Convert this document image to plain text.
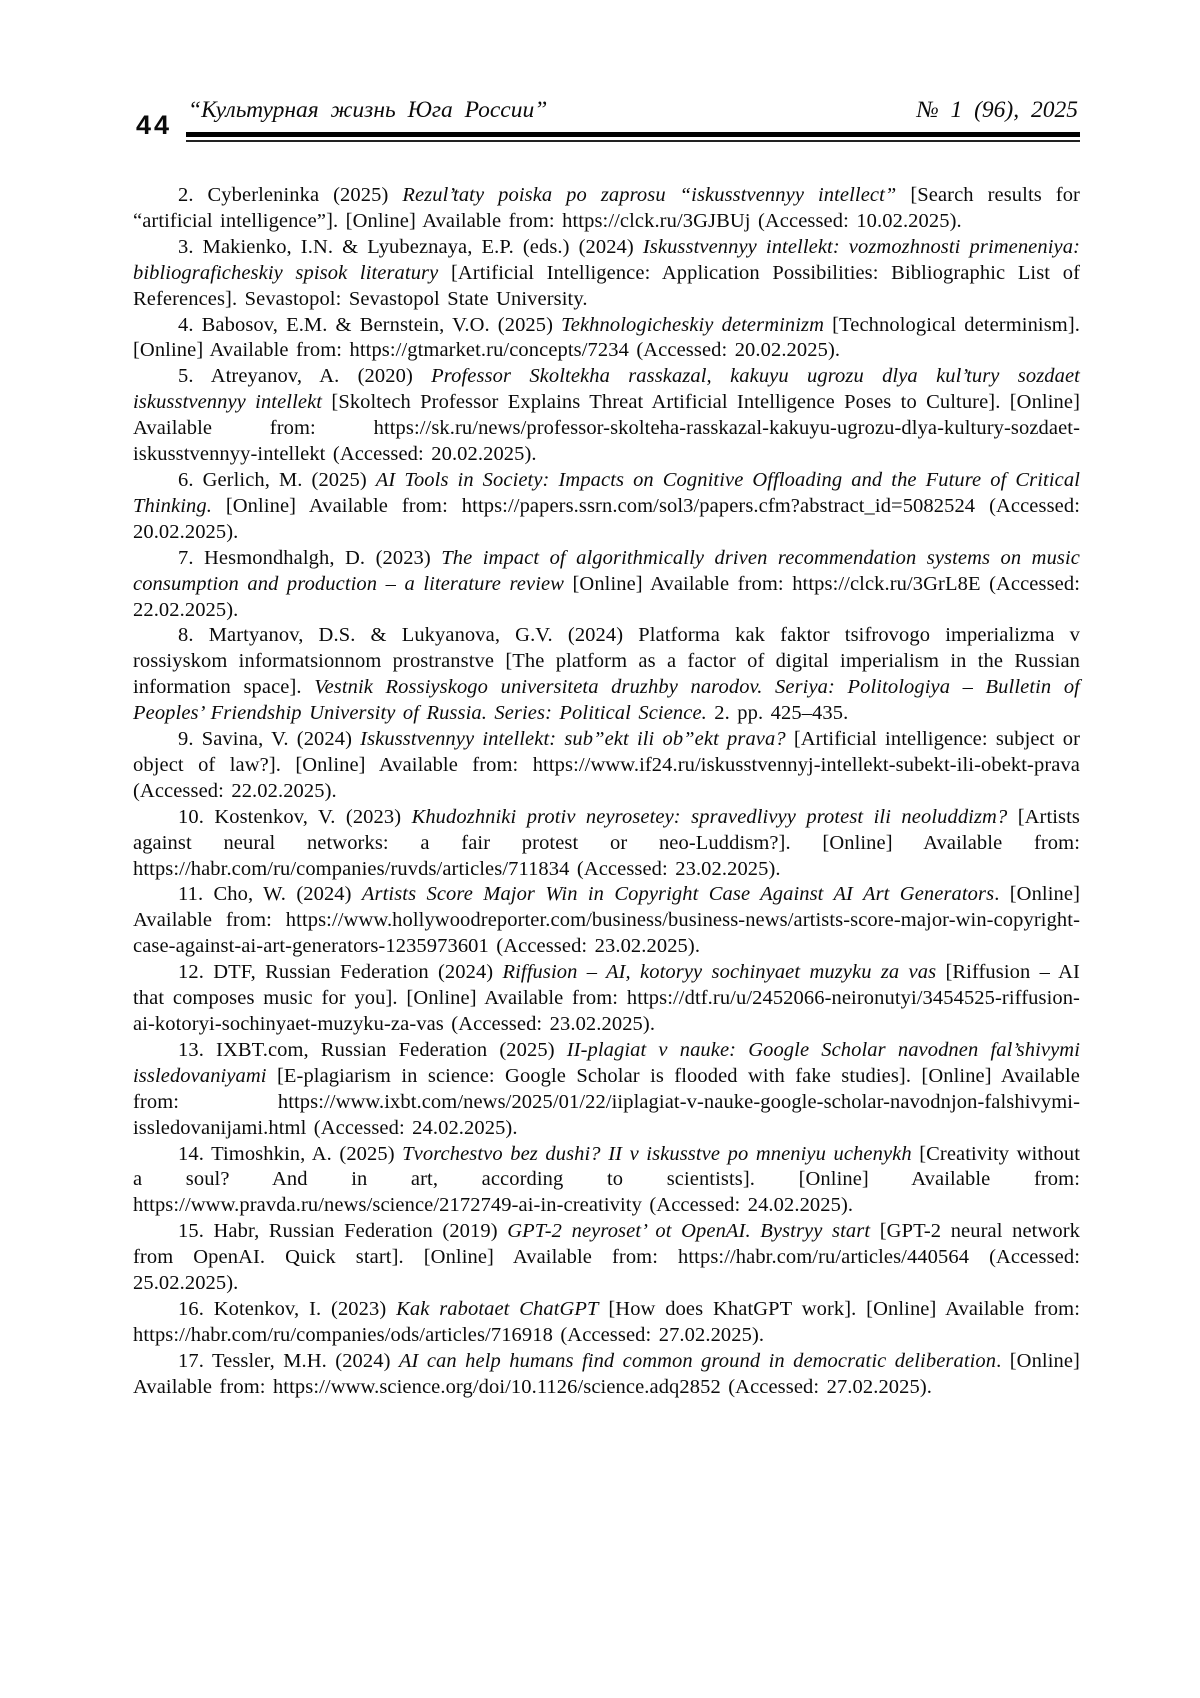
44 “Культурная жизнь Юга России”	№ 1 (96), 2025

2. Cyberleninka (2025) Rezul’taty poiska po zaprosu “iskusstvennyy intellect” [Search results for “artificial intelligence”]. [Online] Available from: https://clck.ru/3GJBUj (Accessed: 10.02.2025).

3. Makienko, I.N. & Lyubeznaya, E.P. (eds.) (2024) Iskusstvennyy intellekt: vozmozhnosti primeneniya: bibliograficheskiy spisok literatury [Artificial Intelligence: Application Possibilities: Bibliographic List of References]. Sevastopol: Sevastopol State University.

4. Babosov, E.M. & Bernstein, V.O. (2025) Tekhnologicheskiy determinizm [Technological determinism]. [Online] Available from: https://gtmarket.ru/concepts/7234 (Accessed: 20.02.2025).

5. Atreyanov, A. (2020) Professor Skoltekha rasskazal, kakuyu ugrozu dlya kul’tury sozdaet iskusstvennyy intellekt [Skoltech Professor Explains Threat Artificial Intelligence Poses to Culture]. [Online] Available from: https://sk.ru/news/professor-skolteha-rasskazal-kakuyu-ugrozu-dlya-kultury-sozdaet-iskusstvennyy-intellekt (Accessed: 20.02.2025).

6. Gerlich, M. (2025) AI Tools in Society: Impacts on Cognitive Offloading and the Future of Critical Thinking. [Online] Available from: https://papers.ssrn.com/sol3/papers.cfm?abstract_id=5082524 (Accessed: 20.02.2025).

7. Hesmondhalgh, D. (2023) The impact of algorithmically driven recommendation systems on music consumption and production – a literature review [Online] Available from: https://clck.ru/3GrL8E (Accessed: 22.02.2025).

8. Martyanov, D.S. & Lukyanova, G.V. (2024) Platforma kak faktor tsifrovogo imperializma v rossiyskom informatsionnom prostranstve [The platform as a factor of digital imperialism in the Russian information space]. Vestnik Rossiyskogo universiteta druzhby narodov. Seriya: Politologiya – Bulletin of Peoples’ Friendship University of Russia. Series: Political Science. 2. pp. 425–435.

9. Savina, V. (2024) Iskusstvennyy intellekt: sub”ekt ili ob”ekt prava? [Artificial intelligence: subject or object of law?]. [Online] Available from: https://www.if24.ru/iskusstvennyj-intellekt-subekt-ili-obekt-prava (Accessed: 22.02.2025).

10. Kostenkov, V. (2023) Khudozhniki protiv neyrosetey: spravedlivyy protest ili neoluddizm? [Artists against neural networks: a fair protest or neo-Luddism?]. [Online] Available from: https://habr.com/ru/companies/ruvds/articles/711834 (Accessed: 23.02.2025).

11. Cho, W. (2024) Artists Score Major Win in Copyright Case Against AI Art Generators. [Online] Available from: https://www.hollywoodreporter.com/business/business-news/artists-score-major-win-copyright-case-against-ai-art-generators-1235973601 (Accessed: 23.02.2025).

12. DTF, Russian Federation (2024) Riffusion – AI, kotoryy sochinyaet muzyku za vas [Riffusion – AI that composes music for you]. [Online] Available from: https://dtf.ru/u/2452066-neironutyi/3454525-riffusion-ai-kotoryi-sochinyaet-muzyku-za-vas (Accessed: 23.02.2025).

13. IXBT.com, Russian Federation (2025) II-plagiat v nauke: Google Scholar navodnen fal’shivymi issledovaniyami [E-plagiarism in science: Google Scholar is flooded with fake studies]. [Online] Available from: https://www.ixbt.com/news/2025/01/22/iiplagiat-v-nauke-google-scholar-navodnjon-falshivymi-issledovanijami.html (Accessed: 24.02.2025).

14. Timoshkin, A. (2025) Tvorchestvo bez dushi? II v iskusstve po mneniyu uchenykh [Creativity without a soul? And in art, according to scientists]. [Online] Available from: https://www.pravda.ru/news/science/2172749-ai-in-creativity (Accessed: 24.02.2025).

15. Habr, Russian Federation (2019) GPT-2 neyroset’ ot OpenAI. Bystryy start [GPT-2 neural network from OpenAI. Quick start]. [Online] Available from: https://habr.com/ru/articles/440564 (Accessed: 25.02.2025).

16. Kotenkov, I. (2023) Kak rabotaet ChatGPT [How does KhatGPT work]. [Online] Available from: https://habr.com/ru/companies/ods/articles/716918 (Accessed: 27.02.2025).

17. Tessler, M.H. (2024) AI can help humans find common ground in democratic deliberation. [Online] Available from: https://www.science.org/doi/10.1126/science.adq2852 (Accessed: 27.02.2025).
